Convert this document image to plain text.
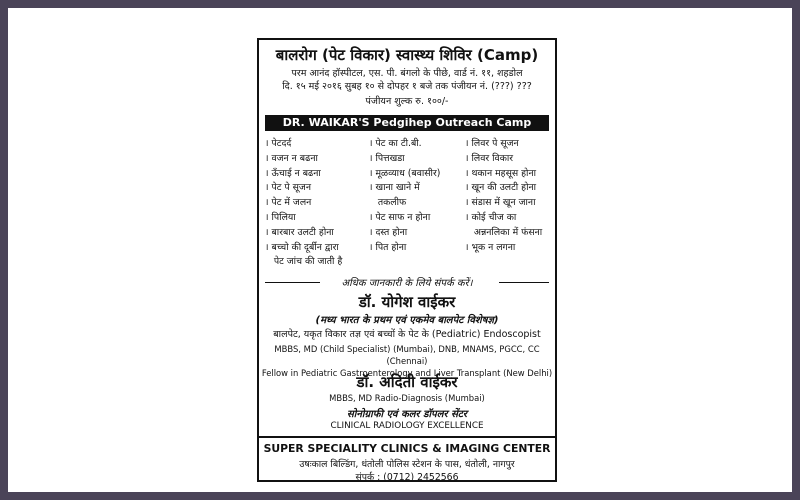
बालरोग (पेट विकार) स्वास्थ्य शिविर (Camp)
परम आनंद हॉस्पीटल, एस. पी. बंगलो के पीछे, वार्ड नं. ११, शहडोल
दि. १५ मई २०१६ सुबह १० से दोपहर १ बजे तक पंजीयन नं. (???) ???
पंजीयन शुल्क रु. १००/-
DR. WAIKAR'S Pedgihep Outreach Camp
। पेटदर्द
। वजन न बढना
। ऊँचाई न बढना
। पेट पे सूजन
। पेट में जलन
। पिलिया
। बारबार उलटी होना
। बच्चो की दूर्बीन द्वारा
पेट जांच की जाती है
। पेट का टी.बी.
। पित्तखडा
। मूळव्याध (बवासीर)
। खाना खाने में
तकलीफ
। पेट साफ न होना
। दस्त होना
। पित होना
। लिवर पे सूजन
। लिवर विकार
। थकान महसूस होना
। खून की उलटी होना
। संडास में खून जाना
। कोई चीज का
अन्ननलिका में फंसना
। भूक न लगना
अधिक जानकारी के लिये संपर्क करें।
डॉ. योगेश वाईकर
(मध्य भारत के प्रथम एवं एकमेव बालपेट विशेषज्ञ)
बालपेट, यकृत विकार तज्ञ एवं बच्चों के पेट के (Pediatric) Endoscopist
MBBS, MD (Child Specialist) (Mumbai), DNB, MNAMS, PGCC, CC (Chennai)
Fellow in Pediatric Gastroenterology and Liver Transplant (New Delhi)
डॉ. अदिती वाईकर
MBBS, MD Radio-Diagnosis (Mumbai)
सोनोग्राफी एवं कलर डॉपलर सेंटर
CLINICAL RADIOLOGY EXCELLENCE
SUPER SPECIALITY CLINICS & IMAGING CENTER
उषःकाल बिल्डिंग, धंतोली पोलिस स्टेशन के पास, धंतोली, नागपुर
संपर्क : (0712) 2452566
